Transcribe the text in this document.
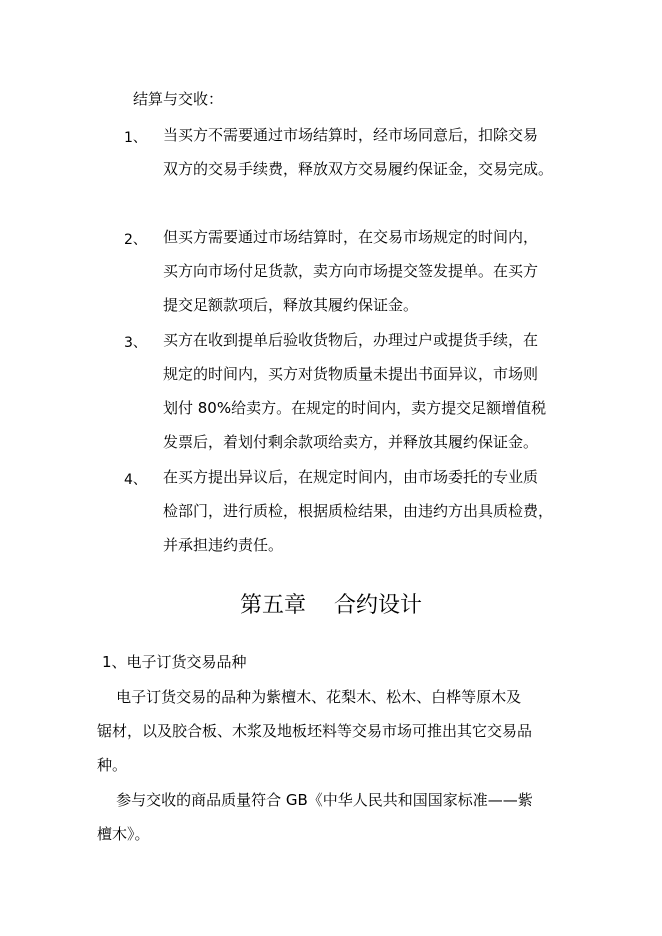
结算与交收：
1、 当买方不需要通过市场结算时，经市场同意后，扣除交易
双方的交易手续费，释放双方交易履约保证金，交易完成。
2、 但买方需要通过市场结算时，在交易市场规定的时间内，
买方向市场付足货款，卖方向市场提交签发提单。在买方
提交足额款项后，释放其履约保证金。
3、 买方在收到提单后验收货物后，办理过户或提货手续，在
规定的时间内，买方对货物质量未提出书面异议，市场则
划付 80%给卖方。在规定的时间内，卖方提交足额增值税
发票后，着划付剩余款项给卖方，并释放其履约保证金。
4、 在买方提出异议后，在规定时间内，由市场委托的专业质
检部门，进行质检，根据质检结果，由违约方出具质检费，
并承担违约责任。
第五章    合约设计
1、电子订货交易品种
电子订货交易的品种为紫檀木、花梨木、松木、白桦等原木及
锯材，以及胶合板、木浆及地板坯料等交易市场可推出其它交易品
种。
参与交收的商品质量符合 GB《中华人民共和国国家标准——紫
檀木》。
